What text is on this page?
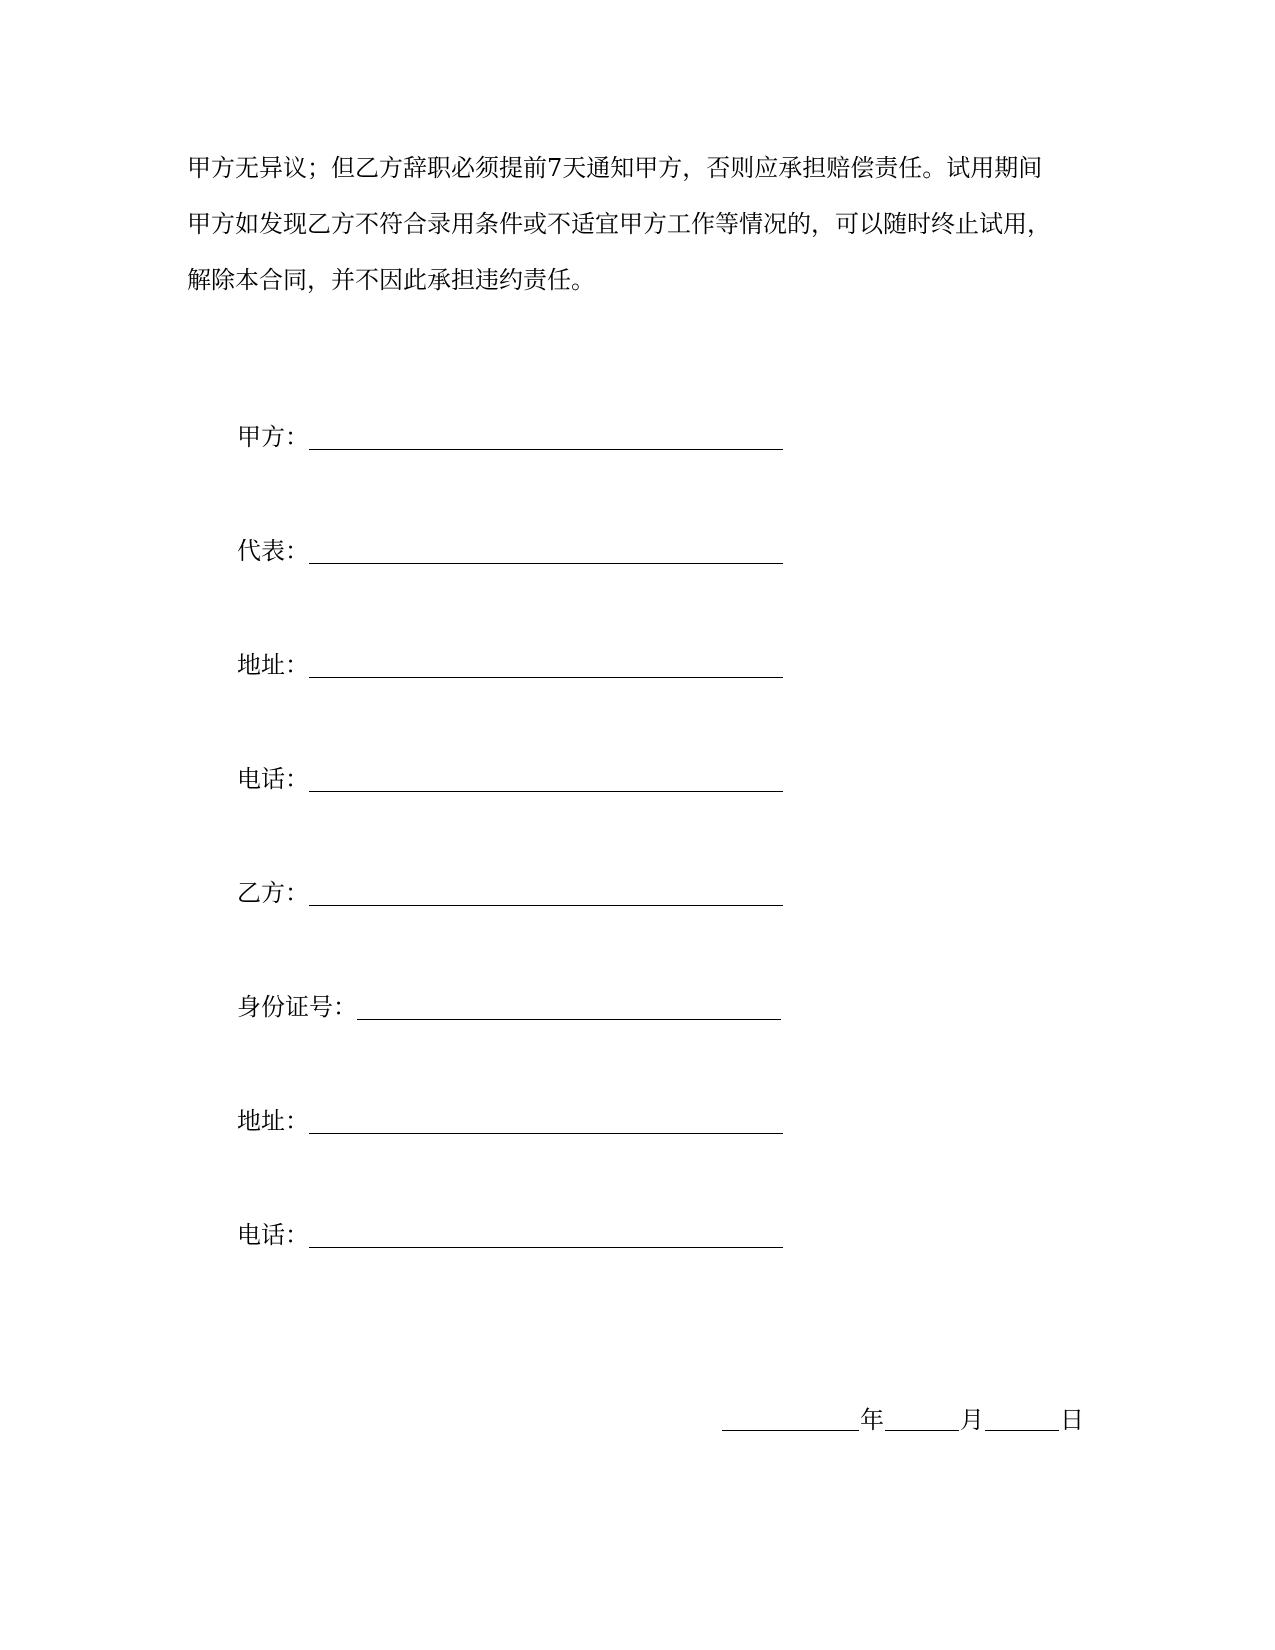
甲方无异议；但乙方辞职必须提前7天通知甲方，否则应承担赔偿责任。试用期间
甲方如发现乙方不符合录用条件或不适宜甲方工作等情况的，可以随时终止试用，
解除本合同，并不因此承担违约责任。
甲方：
代表：
地址：
电话：
乙方：
身份证号：
地址：
电话：
年	月	日
